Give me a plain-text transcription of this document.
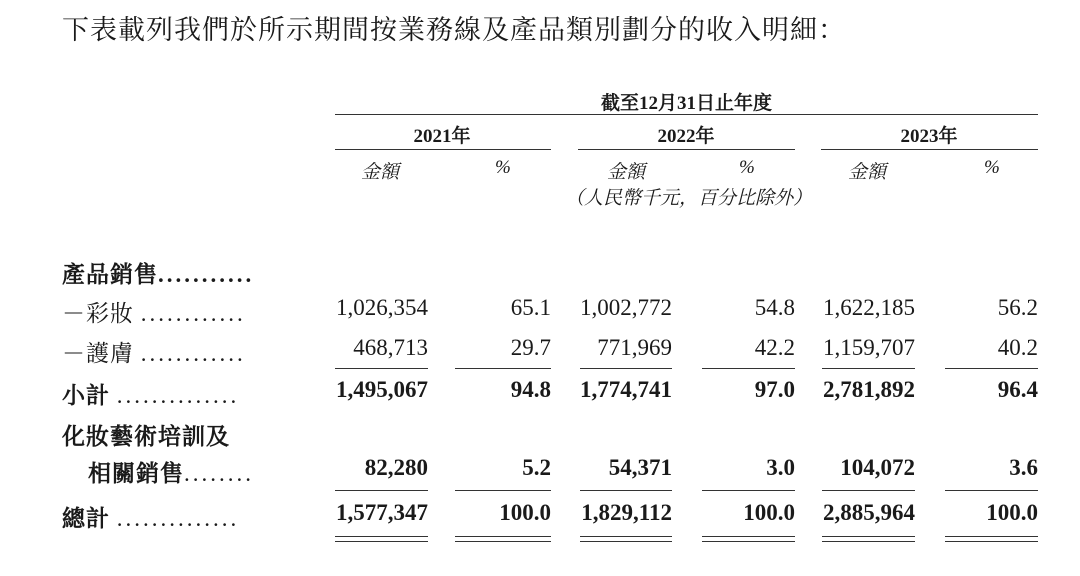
下表載列我們於所示期間按業務線及產品類別劃分的收入明細：
截至12月31日止年度
2021年	2022年	2023年
金額	%	金額	%	金額	%
（人民幣千元，百分比除外）
產品銷售...........
－彩妝 ............	1,026,354	65.1 1,002,772	54.8 1,622,185	56.2
－護膚 ............	468,713	29.7 771,969	42.2 1,159,707	40.2
小計 ..............	1,495,067	94.8 1,774,741	97.0 2,781,892	96.4
化妝藝術培訓及
相關銷售........	82,280	5.2	54,371	3.0 104,072	3.6
總計 ..............	1,577,347	100.0 1,829,112	100.0 2,885,964	100.0
